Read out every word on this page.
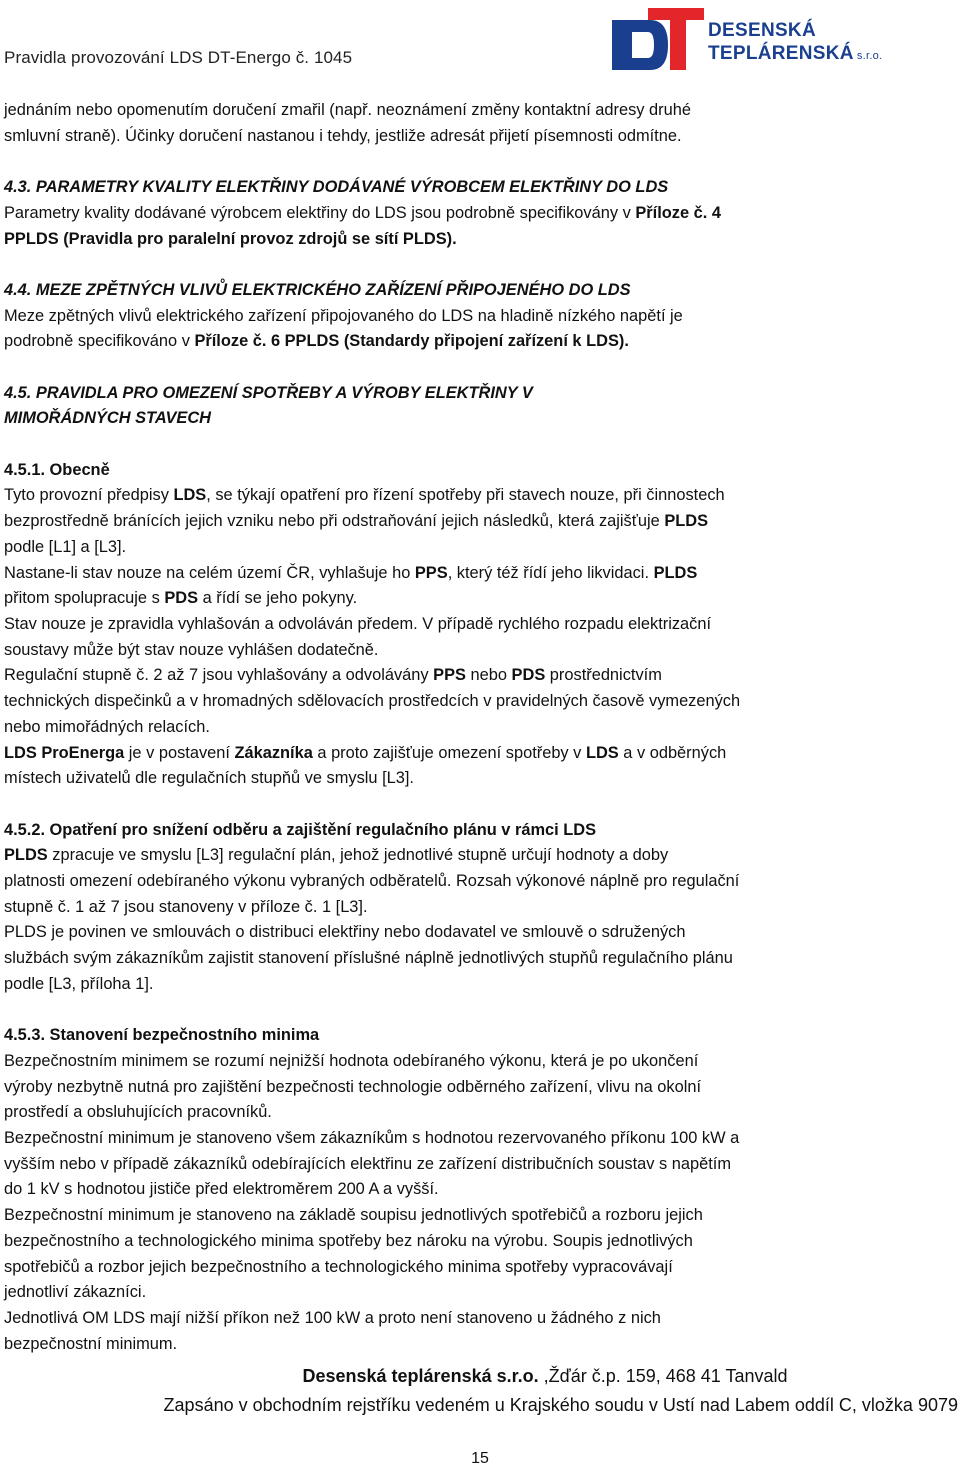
Pravidla provozování LDS DT-Energo č. 1045
DESENSKÁ
TEPLÁRENSKÁ s.r.o.

jednáním nebo opomenutím doručení zmařil (např. neoznámení změny kontaktní adresy druhé

smluvní straně). Účinky doručení nastanou i tehdy, jestliže adresát přijetí písemnosti odmítne.

4.3. PARAMETRY KVALITY ELEKTŘINY DODÁVANÉ VÝROBCEM ELEKTŘINY DO LDS

Parametry kvality dodávané výrobcem elektřiny do LDS jsou podrobně specifikovány v Příloze č. 4

PPLDS (Pravidla pro paralelní provoz zdrojů se sítí PLDS).

4.4. MEZE ZPĚTNÝCH VLIVŮ ELEKTRICKÉHO ZAŘÍZENÍ PŘIPOJENÉHO DO LDS

Meze zpětných vlivů elektrického zařízení připojovaného do LDS na hladině nízkého napětí je

podrobně specifikováno v Příloze č. 6 PPLDS (Standardy připojení zařízení k LDS).

4.5. PRAVIDLA PRO OMEZENÍ SPOTŘEBY A VÝROBY ELEKTŘINY V

MIMOŘÁDNÝCH STAVECH

4.5.1. Obecně

Tyto provozní předpisy LDS, se týkají opatření pro řízení spotřeby při stavech nouze, při činnostech

bezprostředně bránících jejich vzniku nebo při odstraňování jejich následků, která zajišťuje PLDS

podle [L1] a [L3].

Nastane-li stav nouze na celém území ČR, vyhlašuje ho PPS, který též řídí jeho likvidaci. PLDS

přitom spolupracuje s PDS a řídí se jeho pokyny.

Stav nouze je zpravidla vyhlašován a odvoláván předem. V případě rychlého rozpadu elektrizační

soustavy může být stav nouze vyhlášen dodatečně.

Regulační stupně č. 2 až 7 jsou vyhlašovány a odvolávány PPS nebo PDS prostřednictvím

technických dispečinků a v hromadných sdělovacích prostředcích v pravidelných časově vymezených

nebo mimořádných relacích.

LDS ProEnerga je v postavení Zákazníka a proto zajišťuje omezení spotřeby v LDS a v odběrných

místech uživatelů dle regulačních stupňů ve smyslu [L3].

4.5.2. Opatření pro snížení odběru a zajištění regulačního plánu v rámci LDS

PLDS zpracuje ve smyslu [L3] regulační plán, jehož jednotlivé stupně určují hodnoty a doby

platnosti omezení odebíraného výkonu vybraných odběratelů. Rozsah výkonové náplně pro regulační

stupně č. 1 až 7 jsou stanoveny v příloze č. 1 [L3].

PLDS je povinen ve smlouvách o distribuci elektřiny nebo dodavatel ve smlouvě o sdružených

službách svým zákazníkům zajistit stanovení příslušné náplně jednotlivých stupňů regulačního plánu

podle [L3, příloha 1].

4.5.3. Stanovení bezpečnostního minima

Bezpečnostním minimem se rozumí nejnižší hodnota odebíraného výkonu, která je po ukončení

výroby nezbytně nutná pro zajištění bezpečnosti technologie odběrného zařízení, vlivu na okolní

prostředí a obsluhujících pracovníků.

Bezpečnostní minimum je stanoveno všem zákazníkům s hodnotou rezervovaného příkonu 100 kW a

vyšším nebo v případě zákazníků odebírajících elektřinu ze zařízení distribučních soustav s napětím

do 1 kV s hodnotou jističe před elektroměrem 200 A a vyšší.

Bezpečnostní minimum je stanoveno na základě soupisu jednotlivých spotřebičů a rozboru jejich

bezpečnostního a technologického minima spotřeby bez nároku na výrobu. Soupis jednotlivých

spotřebičů a rozbor jejich bezpečnostního a technologického minima spotřeby vypracovávají

jednotliví zákazníci.

Jednotlivá OM LDS mají nižší příkon než 100 kW a proto není stanoveno u žádného z nich

bezpečnostní minimum.

Desenská teplárenská s.r.o. ,Žďár č.p. 159, 468 41 Tanvald
Zapsáno v obchodním rejstříku vedeném u Krajského soudu v Ustí nad Labem oddíl C, vložka 9079
15
